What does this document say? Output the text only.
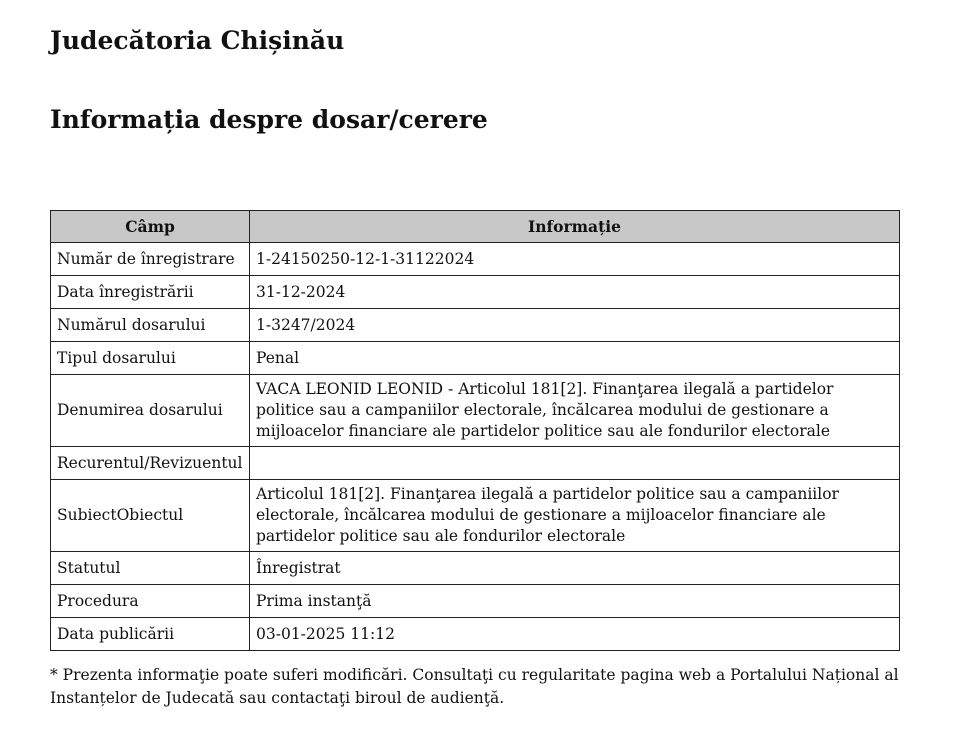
Judecătoria Chișinău
Informația despre dosar/cerere
Câmp	Informație
Număr de înregistrare	1-24150250-12-1-31122024
Data înregistrării	31-12-2024
Numărul dosarului	1-3247/2024
Tipul dosarului	Penal
Denumirea dosarului	VACA LEONID LEONID - Articolul 181[2]. Finanţarea ilegală a partidelor politice sau a campaniilor electorale, încălcarea modului de gestionare a mijloacelor financiare ale partidelor politice sau ale fondurilor electorale
Recurentul/Revizuentul	
SubiectObiectul	Articolul 181[2]. Finanţarea ilegală a partidelor politice sau a campaniilor electorale, încălcarea modului de gestionare a mijloacelor financiare ale partidelor politice sau ale fondurilor electorale
Statutul	Înregistrat
Procedura	Prima instanţă
Data publicării	03-01-2025 11:12

* Prezenta informaţie poate suferi modificări. Consultaţi cu regularitate pagina web a Portalului Național al Instanțelor de Judecată sau contactaţi biroul de audienţă.
